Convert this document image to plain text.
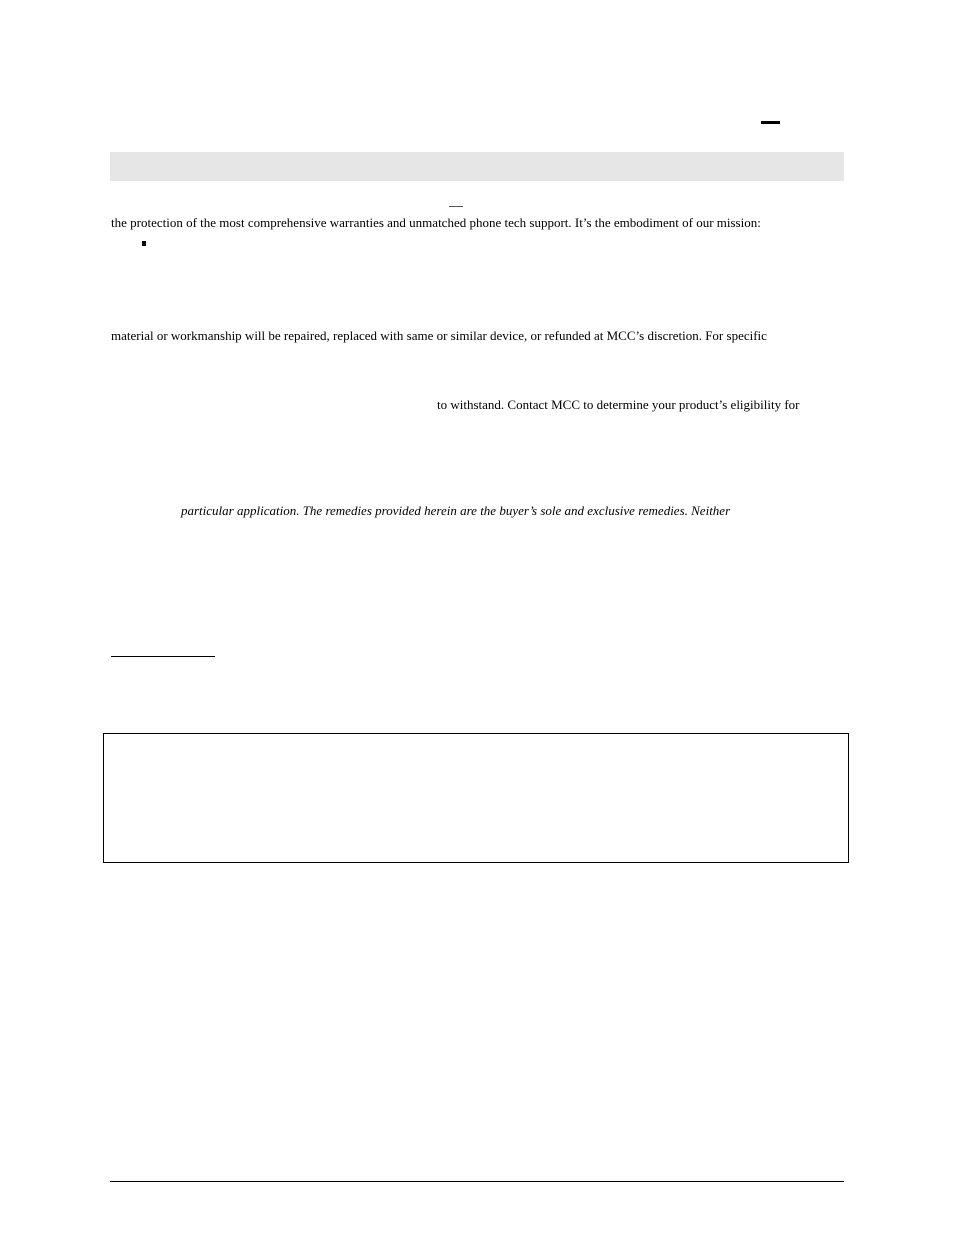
the protection of the most comprehensive warranties and unmatched phone tech support. It’s the embodiment of our mission:
material or workmanship will be repaired, replaced with same or similar device, or refunded at MCC’s discretion. For specific
to withstand. Contact MCC to determine your product’s eligibility for
particular application. The remedies provided herein are the buyer’s sole and exclusive remedies. Neither
